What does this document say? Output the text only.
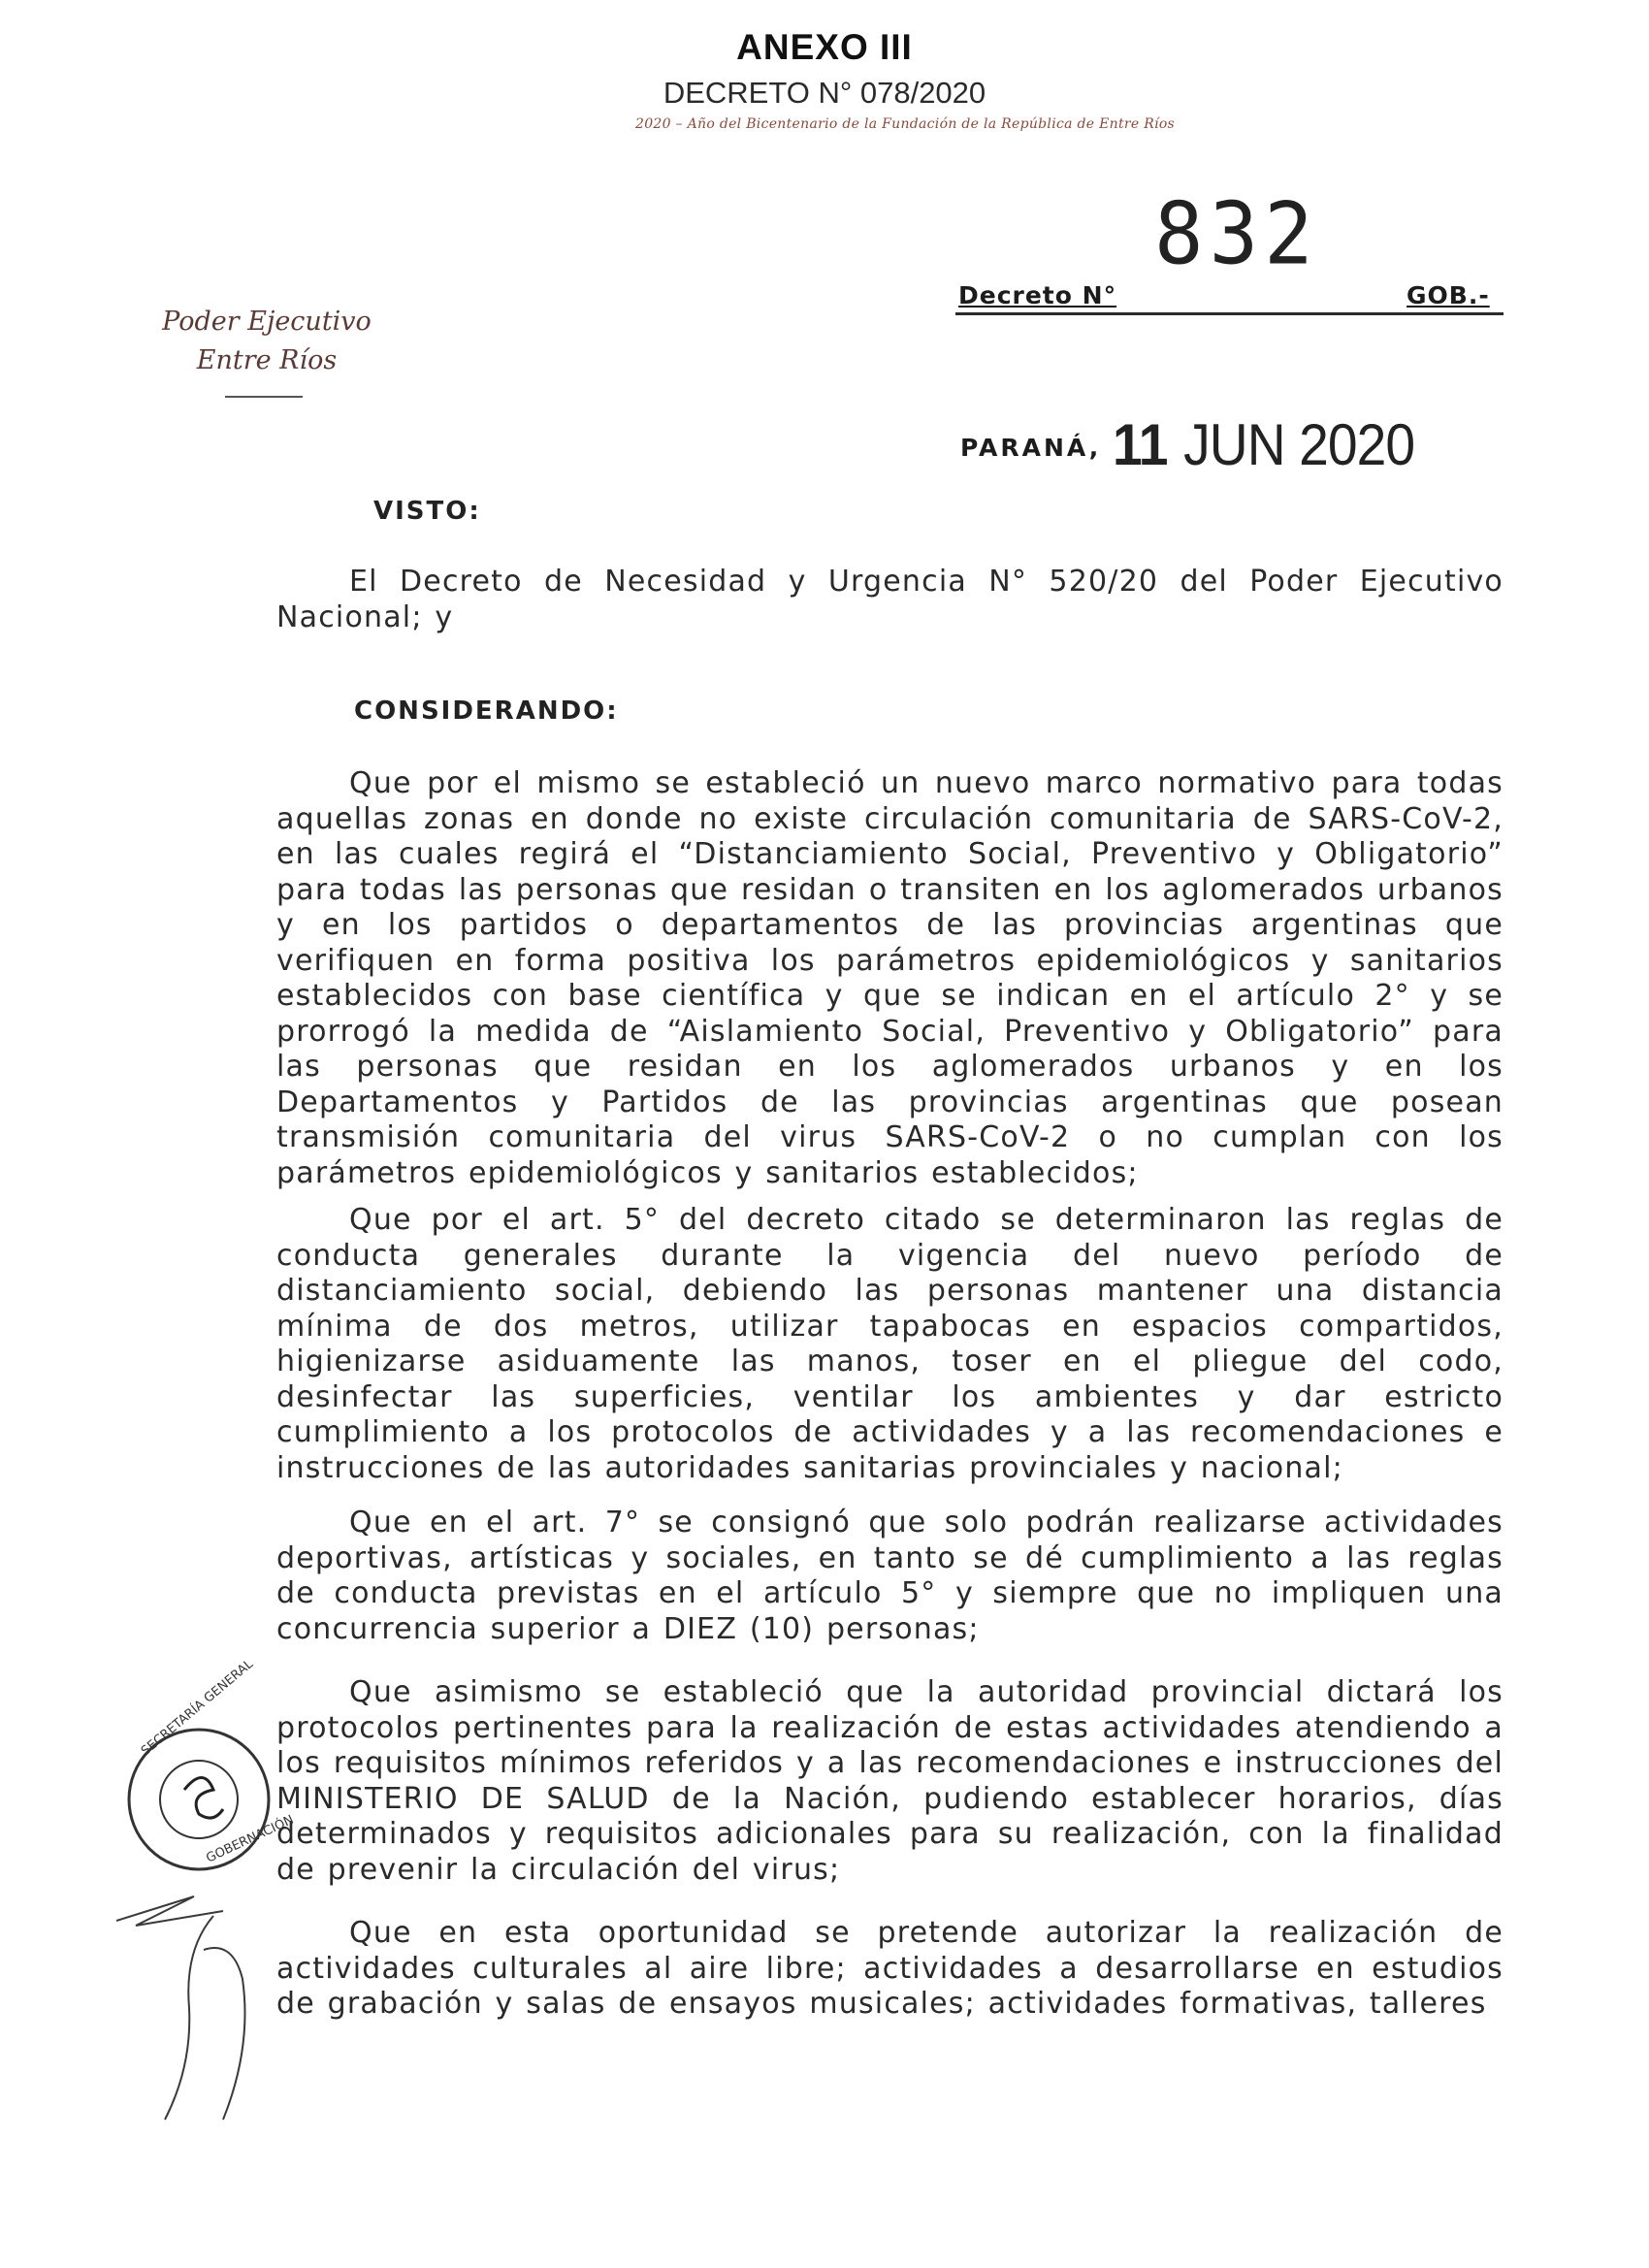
ANEXO III
DECRETO N° 078/2020
2020 – Año del Bicentenario de la Fundación de la República de Entre Ríos
832
Decreto N°	GOB.-
Poder Ejecutivo
Entre Ríos
PARANÁ, 11 JUN 2020
VISTO:
El Decreto de Necesidad y Urgencia N° 520/20 del Poder Ejecutivo Nacional; y
CONSIDERANDO:
Que por el mismo se estableció un nuevo marco normativo para todas aquellas zonas en donde no existe circulación comunitaria de SARS-CoV-2, en las cuales regirá el “Distanciamiento Social, Preventivo y Obligatorio” para todas las personas que residan o transiten en los aglomerados urbanos y en los partidos o departamentos de las provincias argentinas que verifiquen en forma positiva los parámetros epidemiológicos y sanitarios establecidos con base científica y que se indican en el artículo 2° y se prorrogó la medida de “Aislamiento Social, Preventivo y Obligatorio” para las personas que residan en los aglomerados urbanos y en los Departamentos y Partidos de las provincias argentinas que posean transmisión comunitaria del virus SARS-CoV-2 o no cumplan con los parámetros epidemiológicos y sanitarios establecidos;
Que por el art. 5° del decreto citado se determinaron las reglas de conducta generales durante la vigencia del nuevo período de distanciamiento social, debiendo las personas mantener una distancia mínima de dos metros, utilizar tapabocas en espacios compartidos, higienizarse asiduamente las manos, toser en el pliegue del codo, desinfectar las superficies, ventilar los ambientes y dar estricto cumplimiento a los protocolos de actividades y a las recomendaciones e instrucciones de las autoridades sanitarias provinciales y nacional;
Que en el art. 7° se consignó que solo podrán realizarse actividades deportivas, artísticas y sociales, en tanto se dé cumplimiento a las reglas de conducta previstas en el artículo 5° y siempre que no impliquen una concurrencia superior a DIEZ (10) personas;
Que asimismo se estableció que la autoridad provincial dictará los protocolos pertinentes para la realización de estas actividades atendiendo a los requisitos mínimos referidos y a las recomendaciones e instrucciones del MINISTERIO DE SALUD de la Nación, pudiendo establecer horarios, días determinados y requisitos adicionales para su realización, con la finalidad de prevenir la circulación del virus;
Que en esta oportunidad se pretende autorizar la realización de actividades culturales al aire libre; actividades a desarrollarse en estudios de grabación y salas de ensayos musicales; actividades formativas, talleres
SECRETARÍA GENERAL
GOBERNACIÓN
